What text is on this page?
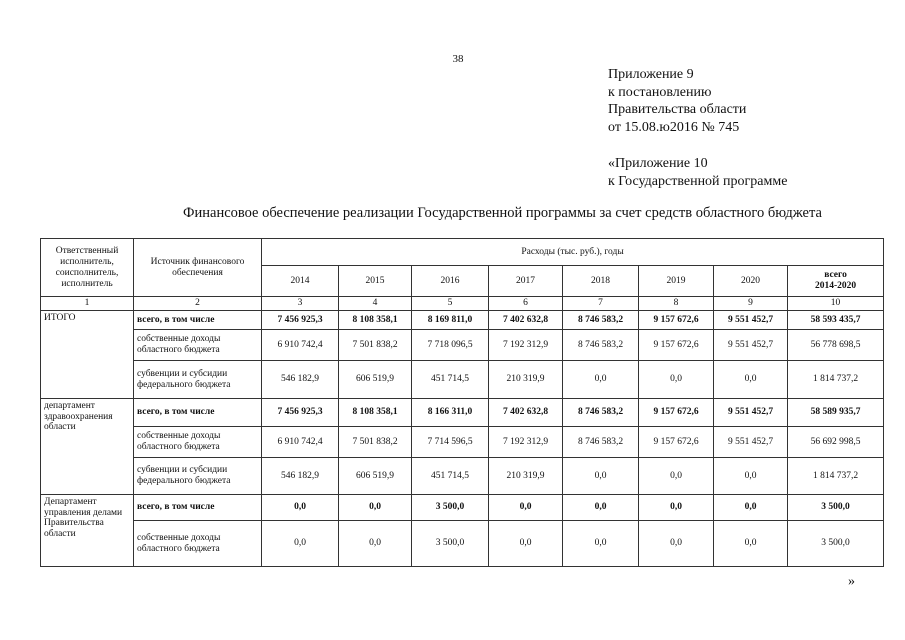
38
Приложение 9
к постановлению
Правительства области
от 15.08.ю2016 № 745
«Приложение 10
к Государственной программе
Финансовое обеспечение реализации Государственной программы за счет средств областного бюджета
Ответственный исполнитель, соисполнитель, исполнитель	Источник финансового обеспечения	Расходы (тыс. руб.), годы							
		2014	2015	2016	2017	2018	2019	2020	всего
2014-2020
1	2	3	4	5	6	7	8	9	10
ИТОГО	всего, в том числе	7 456 925,3	8 108 358,1	8 169 811,0	7 402 632,8	8 746 583,2	9 157 672,6	9 551 452,7	58 593 435,7
	собственные доходы областного бюджета	6 910 742,4	7 501 838,2	7 718 096,5	7 192 312,9	8 746 583,2	9 157 672,6	9 551 452,7	56 778 698,5
	субвенции и субсидии федерального бюджета	546 182,9	606 519,9	451 714,5	210 319,9	0,0	0,0	0,0	1 814 737,2
департамент здравоохранения области	всего, в том числе	7 456 925,3	8 108 358,1	8 166 311,0	7 402 632,8	8 746 583,2	9 157 672,6	9 551 452,7	58 589 935,7
	собственные доходы областного бюджета	6 910 742,4	7 501 838,2	7 714 596,5	7 192 312,9	8 746 583,2	9 157 672,6	9 551 452,7	56 692 998,5
	субвенции и субсидии федерального бюджета	546 182,9	606 519,9	451 714,5	210 319,9	0,0	0,0	0,0	1 814 737,2
Департамент управления делами Правительства области	всего, в том числе	0,0	0,0	3 500,0	0,0	0,0	0,0	0,0	3 500,0
	собственные доходы областного бюджета	0,0	0,0	3 500,0	0,0	0,0	0,0	0,0	3 500,0
»
